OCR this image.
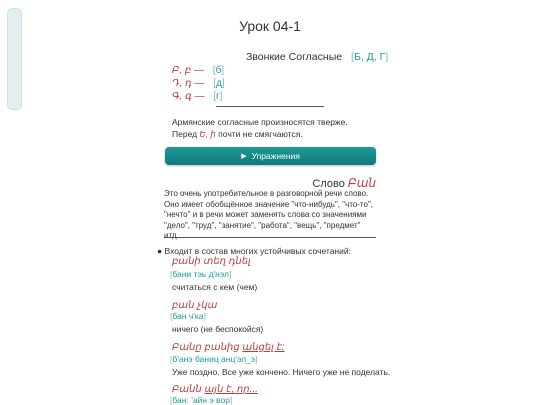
Урок 04-1
Звонкие Согласные [Б, Д, Г]
Բ, բ — [б]
Դ, դ — [д]
Գ, գ — [г]
Армянские согласные произносятся тверже.
Перед Ե, ի почти не смягчаются.
▶ Упражнения
Слово Բան
Это очень употребительное в разговорной речи слово. Оно имеет обобщённое значение "что-нибудь", "что-то", "нечто" и в речи может заменять слова со значениями "дело", "труд", "занятие", "работа", "вещь", "предмет" итд.
● Входит в состав многих устойчивых сочетаний:
բանի տեղ դնել
[бани тэь д'нэл]
считаться с кем (чем)
բան չկա
[бан ч'ка]
ничего (не беспокойся)
Բանը բանից անցել է:
[б'анэ баниц анц'эл_э]
Уже поздно. Все уже кончено. Ничего уже не поделать.
Բանն այն է, որ...
[бан: 'айн э вор]
